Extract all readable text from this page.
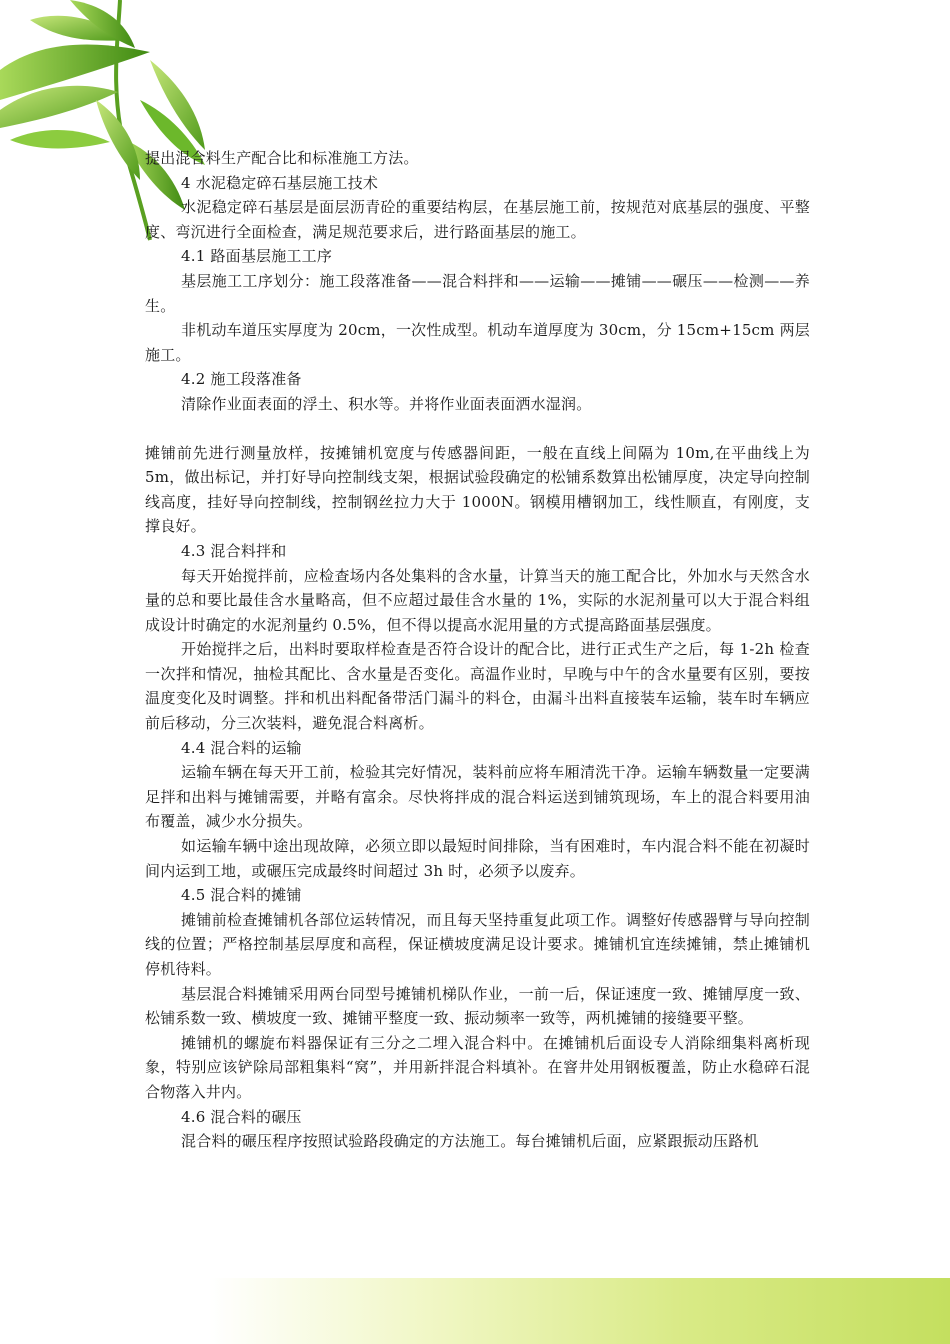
提出混合料生产配合比和标准施工方法。

4 水泥稳定碎石基层施工技术

水泥稳定碎石基层是面层沥青砼的重要结构层，在基层施工前，按规范对底基层的强度、平整度、弯沉进行全面检查，满足规范要求后，进行路面基层的施工。

4.1 路面基层施工工序

基层施工工序划分：施工段落准备——混合料拌和——运输——摊铺——碾压——检测——养生。

非机动车道压实厚度为 20cm，一次性成型。机动车道厚度为 30cm，分 15cm+15cm 两层施工。

4.2 施工段落准备

清除作业面表面的浮土、积水等。并将作业面表面洒水湿润。

摊铺前先进行测量放样，按摊铺机宽度与传感器间距，一般在直线上间隔为 10m,在平曲线上为 5m，做出标记，并打好导向控制线支架，根据试验段确定的松铺系数算出松铺厚度，决定导向控制线高度，挂好导向控制线，控制钢丝拉力大于 1000N。钢模用槽钢加工，线性顺直，有刚度，支撑良好。

4.3 混合料拌和

每天开始搅拌前，应检查场内各处集料的含水量，计算当天的施工配合比，外加水与天然含水量的总和要比最佳含水量略高，但不应超过最佳含水量的 1%，实际的水泥剂量可以大于混合料组成设计时确定的水泥剂量约 0.5%，但不得以提高水泥用量的方式提高路面基层强度。

开始搅拌之后，出料时要取样检查是否符合设计的配合比，进行正式生产之后，每 1-2h 检查一次拌和情况，抽检其配比、含水量是否变化。高温作业时，早晚与中午的含水量要有区别，要按温度变化及时调整。拌和机出料配备带活门漏斗的料仓，由漏斗出料直接装车运输，装车时车辆应前后移动，分三次装料，避免混合料离析。

4.4 混合料的运输

运输车辆在每天开工前，检验其完好情况，装料前应将车厢清洗干净。运输车辆数量一定要满足拌和出料与摊铺需要，并略有富余。尽快将拌成的混合料运送到铺筑现场，车上的混合料要用油布覆盖，减少水分损失。

如运输车辆中途出现故障，必须立即以最短时间排除，当有困难时，车内混合料不能在初凝时间内运到工地，或碾压完成最终时间超过 3h 时，必须予以废弃。

4.5 混合料的摊铺

摊铺前检查摊铺机各部位运转情况，而且每天坚持重复此项工作。调整好传感器臂与导向控制线的位置；严格控制基层厚度和高程，保证横坡度满足设计要求。摊铺机宜连续摊铺，禁止摊铺机停机待料。

基层混合料摊铺采用两台同型号摊铺机梯队作业，一前一后，保证速度一致、摊铺厚度一致、松铺系数一致、横坡度一致、摊铺平整度一致、振动频率一致等，两机摊铺的接缝要平整。

摊铺机的螺旋布料器保证有三分之二埋入混合料中。在摊铺机后面设专人消除细集料离析现象，特别应该铲除局部粗集料“窝”，并用新拌混合料填补。在窨井处用钢板覆盖，防止水稳碎石混合物落入井内。

4.6 混合料的碾压

混合料的碾压程序按照试验路段确定的方法施工。每台摊铺机后面，应紧跟振动压路机
